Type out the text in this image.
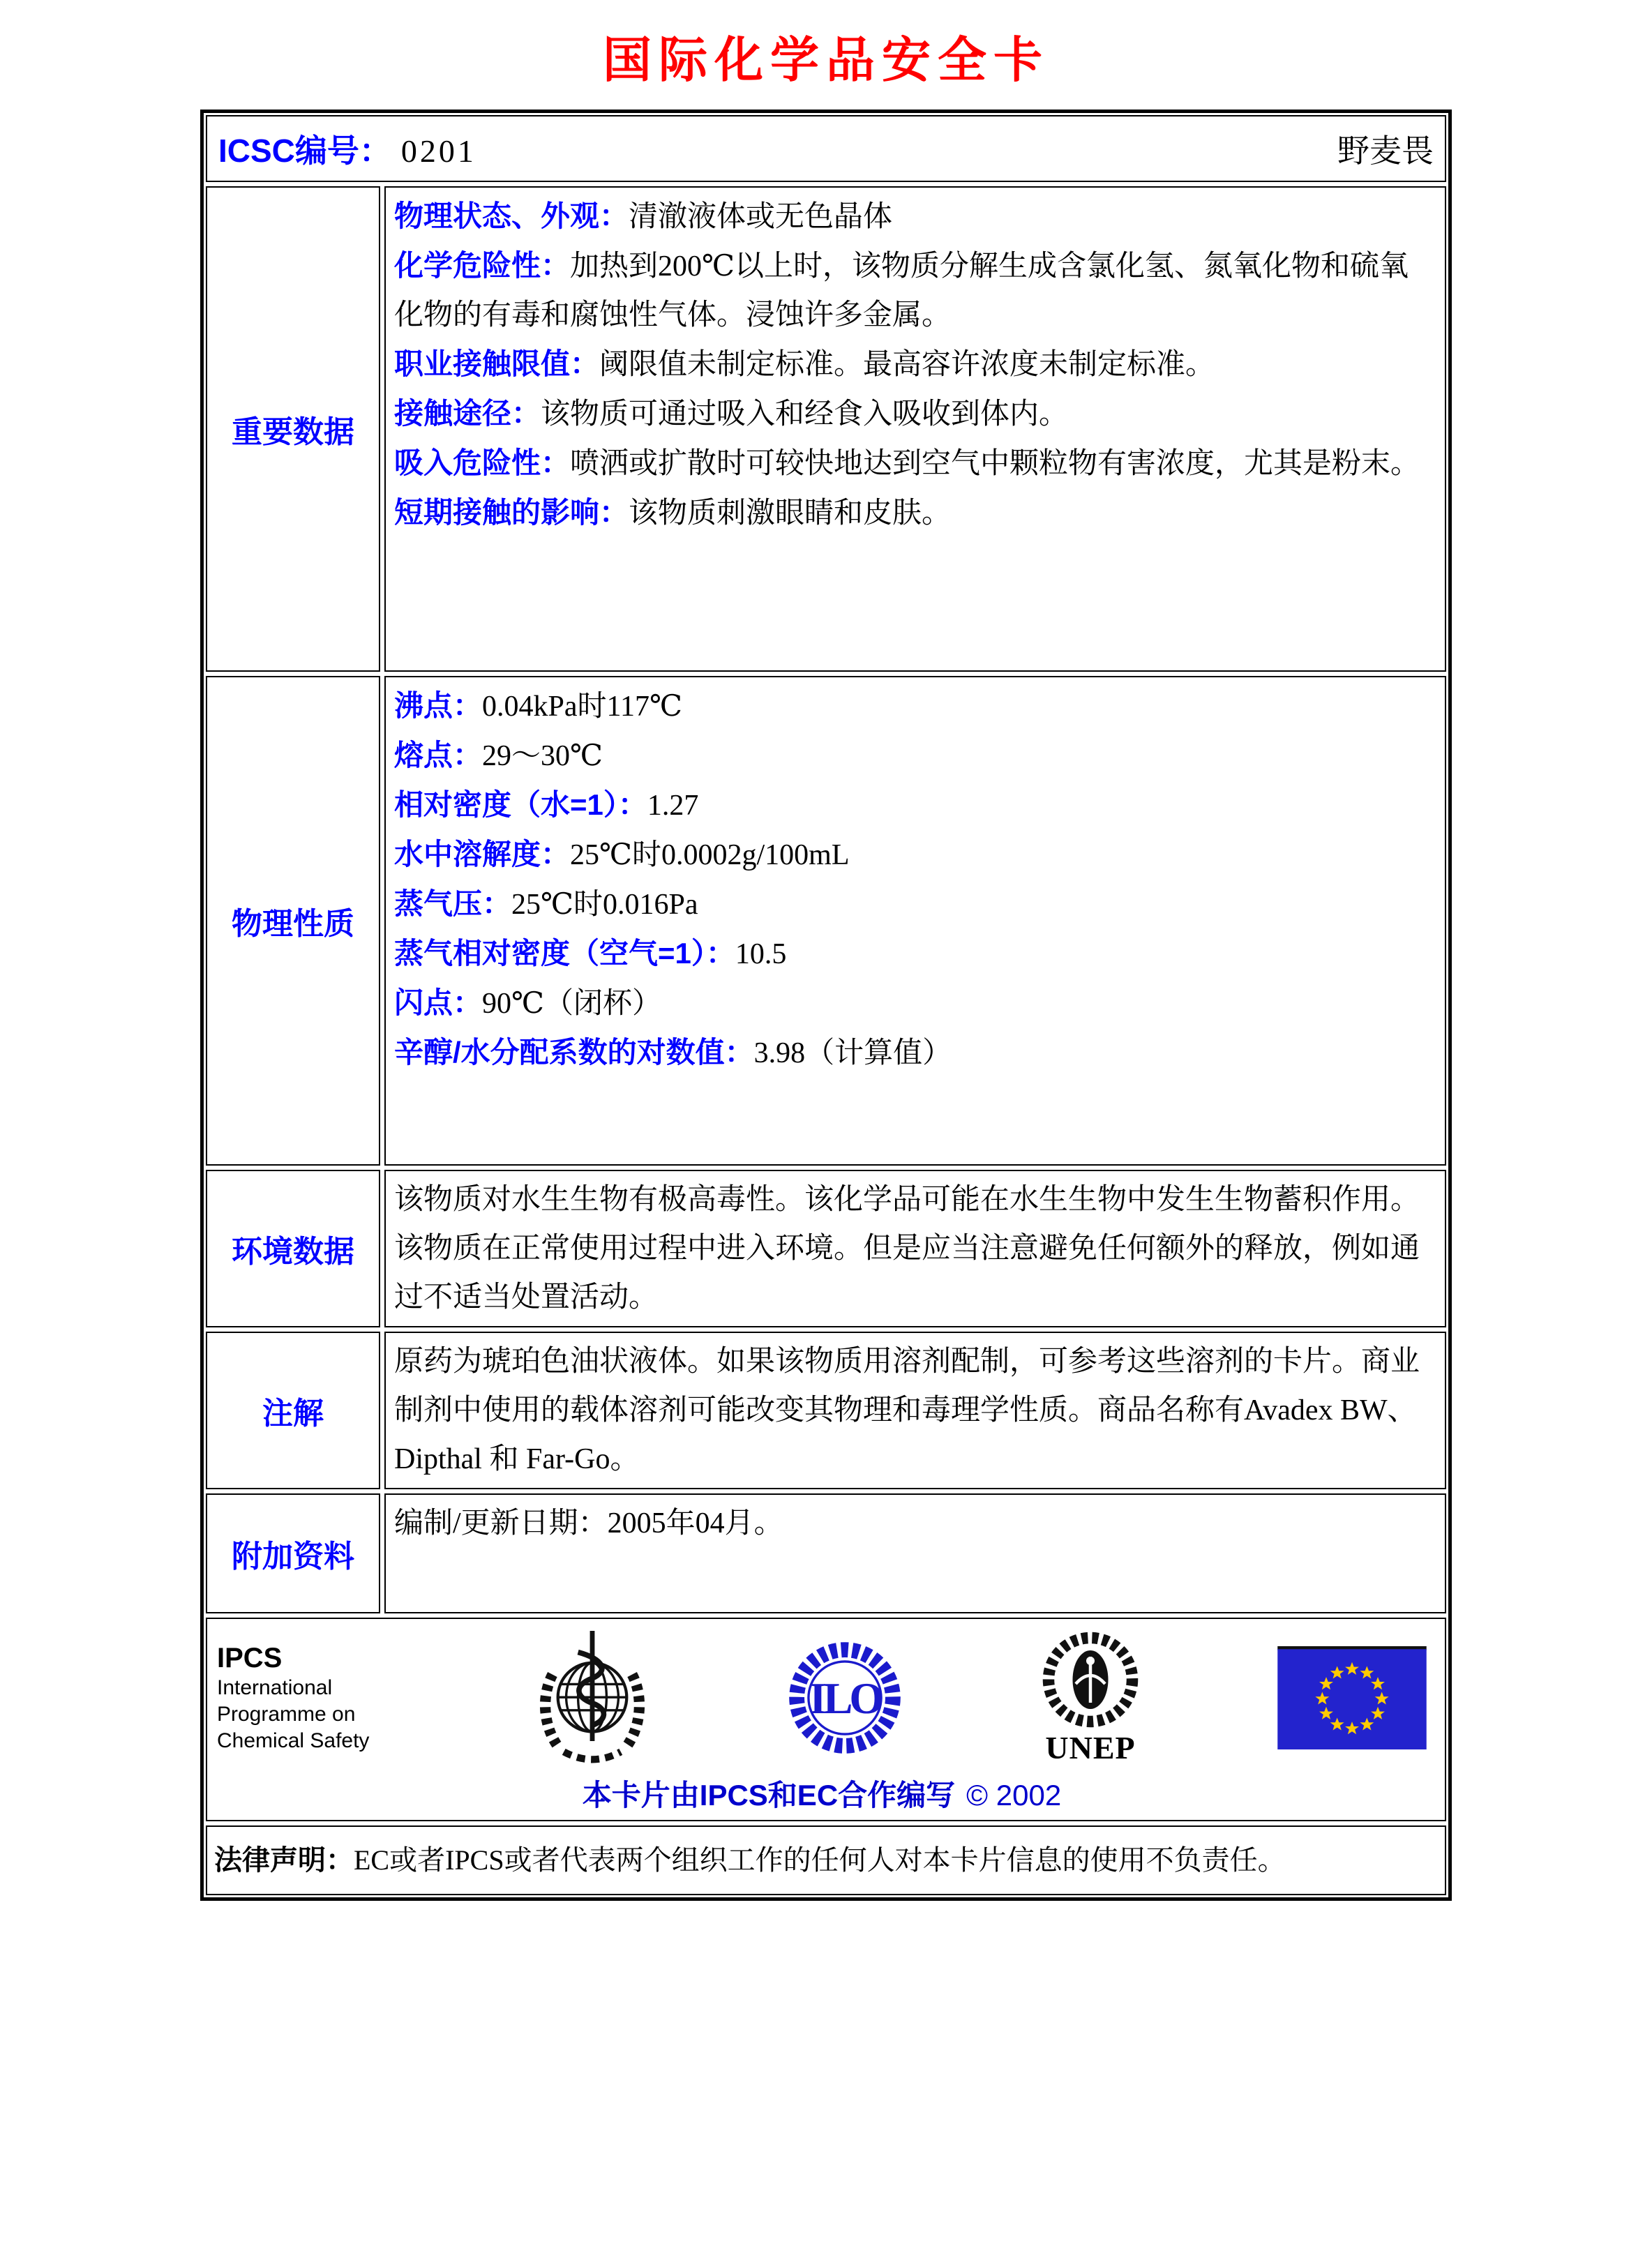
国际化学品安全卡
ICSC编号： 0201	野麦畏
重要数据

物理状态、外观：清澈液体或无色晶体

化学危险性：加热到200℃以上时，该物质分解生成含氯化氢、氮氧化物和硫氧化物的有毒和腐蚀性气体。浸蚀许多金属。

职业接触限值：阈限值未制定标准。最高容许浓度未制定标准。

接触途径：该物质可通过吸入和经食入吸收到体内。

吸入危险性：喷洒或扩散时可较快地达到空气中颗粒物有害浓度，尤其是粉末。

短期接触的影响：该物质刺激眼睛和皮肤。

物理性质

沸点：0.04kPa时117℃

熔点：29～30℃

相对密度（水=1）：1.27

水中溶解度：25℃时0.0002g/100mL

蒸气压：25℃时0.016Pa

蒸气相对密度（空气=1）：10.5

闪点：90℃（闭杯）

辛醇/水分配系数的对数值：3.98（计算值）

环境数据

该物质对水生生物有极高毒性。该化学品可能在水生生物中发生生物蓄积作用。该物质在正常使用过程中进入环境。但是应当注意避免任何额外的释放，例如通过不适当处置活动。

注解

原药为琥珀色油状液体。如果该物质用溶剂配制，可参考这些溶剂的卡片。商业制剂中使用的载体溶剂可能改变其物理和毒理学性质。商品名称有Avadex BW、 Dipthal 和 Far-Go。

附加资料

编制/更新日期：2005年04月。

IPCS
International
Programme on
Chemical Safety
ILO
UNEP
本卡片由IPCS和EC合作编写 © 2002

法律声明：EC或者IPCS或者代表两个组织工作的任何人对本卡片信息的使用不负责任。
